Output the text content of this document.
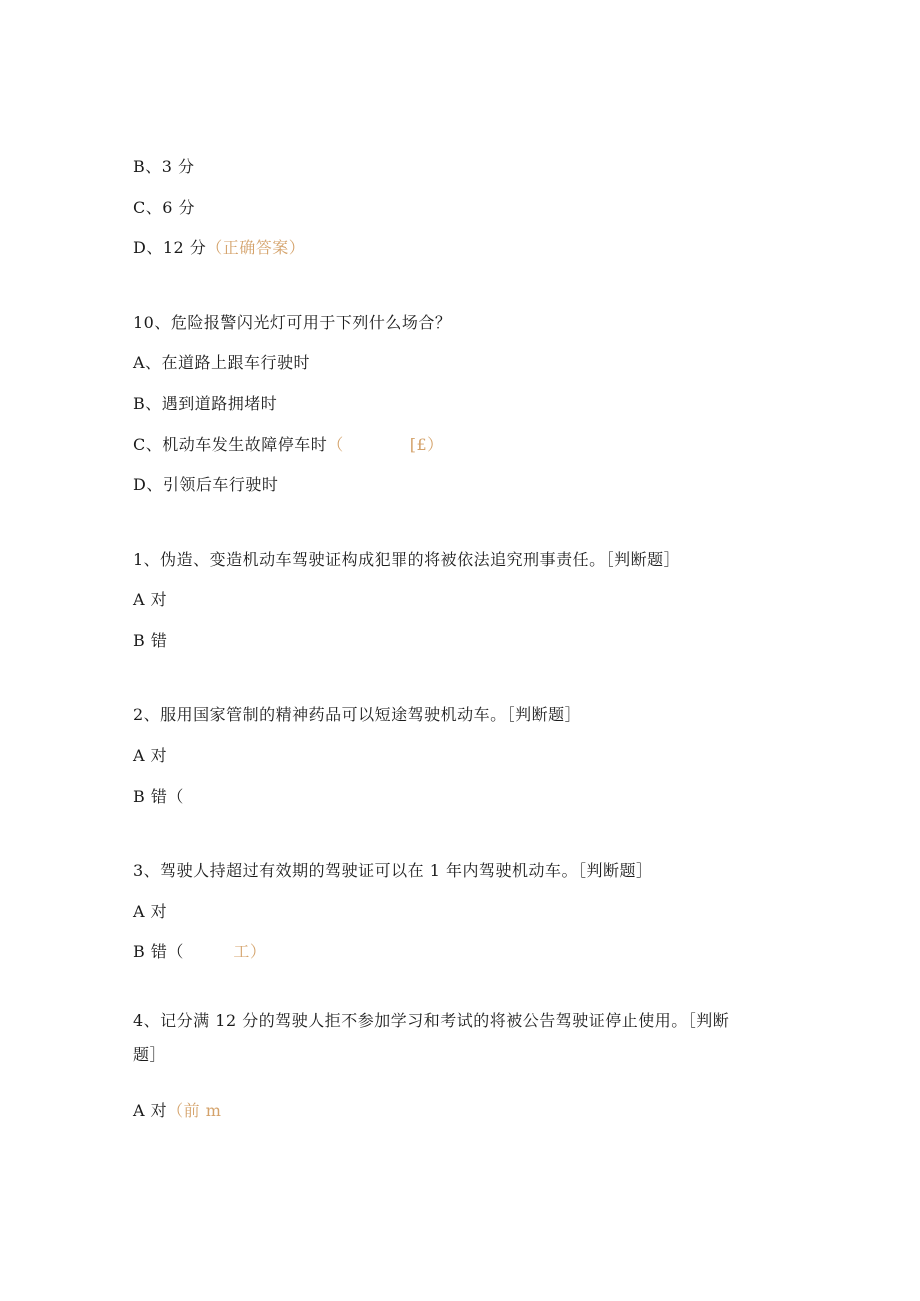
B、3 分
C、6 分
D、12 分（正确答案）
10、危险报警闪光灯可用于下列什么场合？
A、在道路上跟车行驶时
B、遇到道路拥堵时
C、机动车发生故障停车时（　　　　[£）
D、引领后车行驶时
1、伪造、变造机动车驾驶证构成犯罪的将被依法追究刑事责任。［判断题］
A 对
B 错
2、服用国家管制的精神药品可以短途驾驶机动车。［判断题］
A 对
B 错（
3、驾驶人持超过有效期的驾驶证可以在 1 年内驾驶机动车。［判断题］
A 对
B 错（　　　工）
4、记分满 12 分的驾驶人拒不参加学习和考试的将被公告驾驶证停止使用。［判断题］
A 对（前 m
